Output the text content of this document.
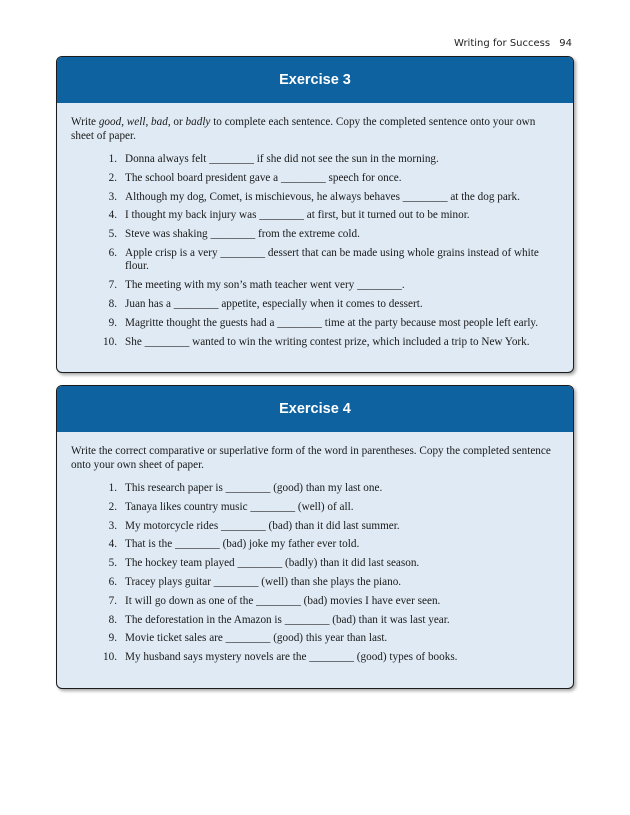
Writing for Success 94
Exercise 3

Write good, well, bad, or badly to complete each sentence. Copy the completed sentence onto your own sheet of paper.

1. Donna always felt ________ if she did not see the sun in the morning.
2. The school board president gave a ________ speech for once.
3. Although my dog, Comet, is mischievous, he always behaves ________ at the dog park.
4. I thought my back injury was ________ at first, but it turned out to be minor.
5. Steve was shaking ________ from the extreme cold.
6. Apple crisp is a very ________ dessert that can be made using whole grains instead of white flour.
7. The meeting with my son’s math teacher went very ________.
8. Juan has a ________ appetite, especially when it comes to dessert.
9. Magritte thought the guests had a ________ time at the party because most people left early.
10. She ________ wanted to win the writing contest prize, which included a trip to New York.
Exercise 4

Write the correct comparative or superlative form of the word in parentheses. Copy the completed sentence onto your own sheet of paper.

1. This research paper is ________ (good) than my last one.
2. Tanaya likes country music ________ (well) of all.
3. My motorcycle rides ________ (bad) than it did last summer.
4. That is the ________ (bad) joke my father ever told.
5. The hockey team played ________ (badly) than it did last season.
6. Tracey plays guitar ________ (well) than she plays the piano.
7. It will go down as one of the ________ (bad) movies I have ever seen.
8. The deforestation in the Amazon is ________ (bad) than it was last year.
9. Movie ticket sales are ________ (good) this year than last.
10. My husband says mystery novels are the ________ (good) types of books.
